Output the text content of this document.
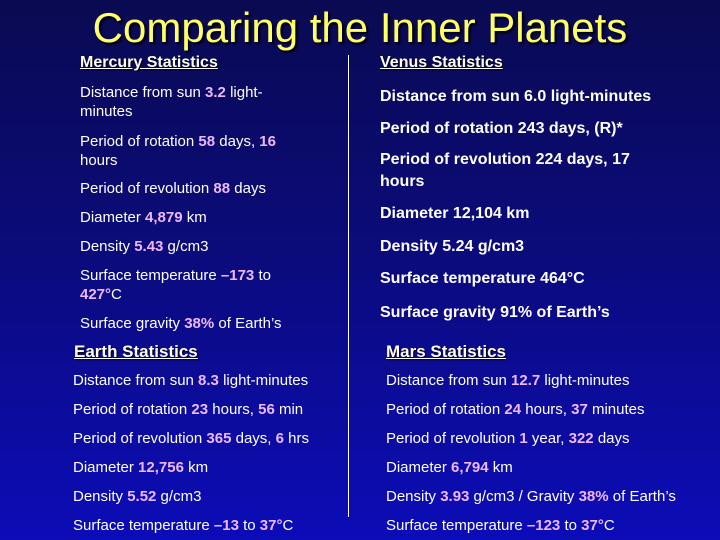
Comparing the Inner Planets
Mercury Statistics
Distance from sun 3.2 light-minutes
Period of rotation 58 days, 16 hours
Period of revolution 88 days
Diameter 4,879 km
Density 5.43 g/cm3
Surface temperature –173 to 427°C
Surface gravity 38% of Earth’s
Venus Statistics
Distance from sun 6.0 light-minutes
Period of rotation 243 days, (R)*
Period of revolution 224 days, 17 hours
Diameter 12,104 km
Density 5.24 g/cm3
Surface temperature 464°C
Surface gravity 91% of Earth’s
Earth Statistics
Distance from sun 8.3 light-minutes
Period of rotation 23 hours, 56 min
Period of revolution 365 days, 6 hrs
Diameter 12,756 km
Density 5.52 g/cm3
Surface temperature –13 to 37°C
Mars Statistics
Distance from sun 12.7 light-minutes
Period of rotation 24 hours, 37 minutes
Period of revolution 1 year, 322 days
Diameter 6,794 km
Density 3.93 g/cm3 / Gravity 38% of Earth’s
Surface temperature –123 to 37°C
